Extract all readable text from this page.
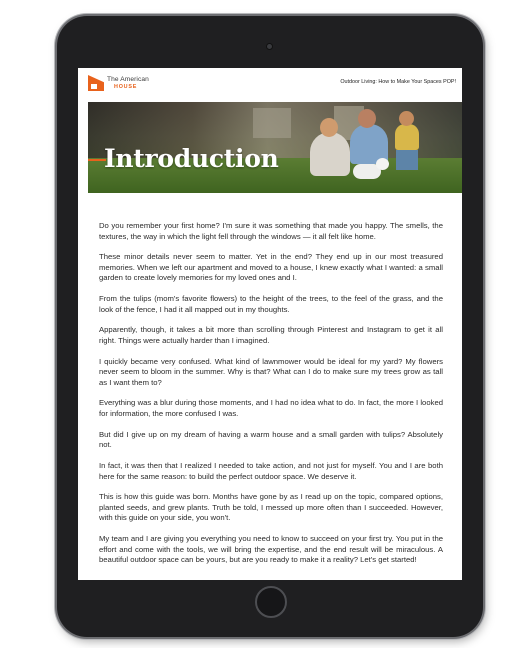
The American
HOUSE
Outdoor Living: How to Make Your Spaces POP!
Introduction

Do you remember your first home? I'm sure it was something that made you happy. The smells, the textures, the way in which the light fell through the windows — it all felt like home.

These minor details never seem to matter. Yet in the end? They end up in our most treasured memories. When we left our apartment and moved to a house, I knew exactly what I wanted: a small garden to create lovely memories for my loved ones and I.

From the tulips (mom's favorite flowers) to the height of the trees, to the feel of the grass, and the look of the fence, I had it all mapped out in my thoughts.

Apparently, though, it takes a bit more than scrolling through Pinterest and Instagram to get it all right. Things were actually harder than I imagined.

I quickly became very confused. What kind of lawnmower would be ideal for my yard? My flowers never seem to bloom in the summer. Why is that? What can I do to make sure my trees grow as tall as I want them to?

Everything was a blur during those moments, and I had no idea what to do. In fact, the more I looked for information, the more confused I was.

But did I give up on my dream of having a warm house and a small garden with tulips? Absolutely not.

In fact, it was then that I realized I needed to take action, and not just for myself. You and I are both here for the same reason: to build the perfect outdoor space. We deserve it.

This is how this guide was born. Months have gone by as I read up on the topic, compared options, planted seeds, and grew plants. Truth be told, I messed up more often than I succeeded. However, with this guide on your side, you won't.

My team and I are giving you everything you need to know to succeed on your first try. You put in the effort and come with the tools, we will bring the expertise, and the end result will be miraculous. A beautiful outdoor space can be yours, but are you ready to make it a reality? Let's get started!
